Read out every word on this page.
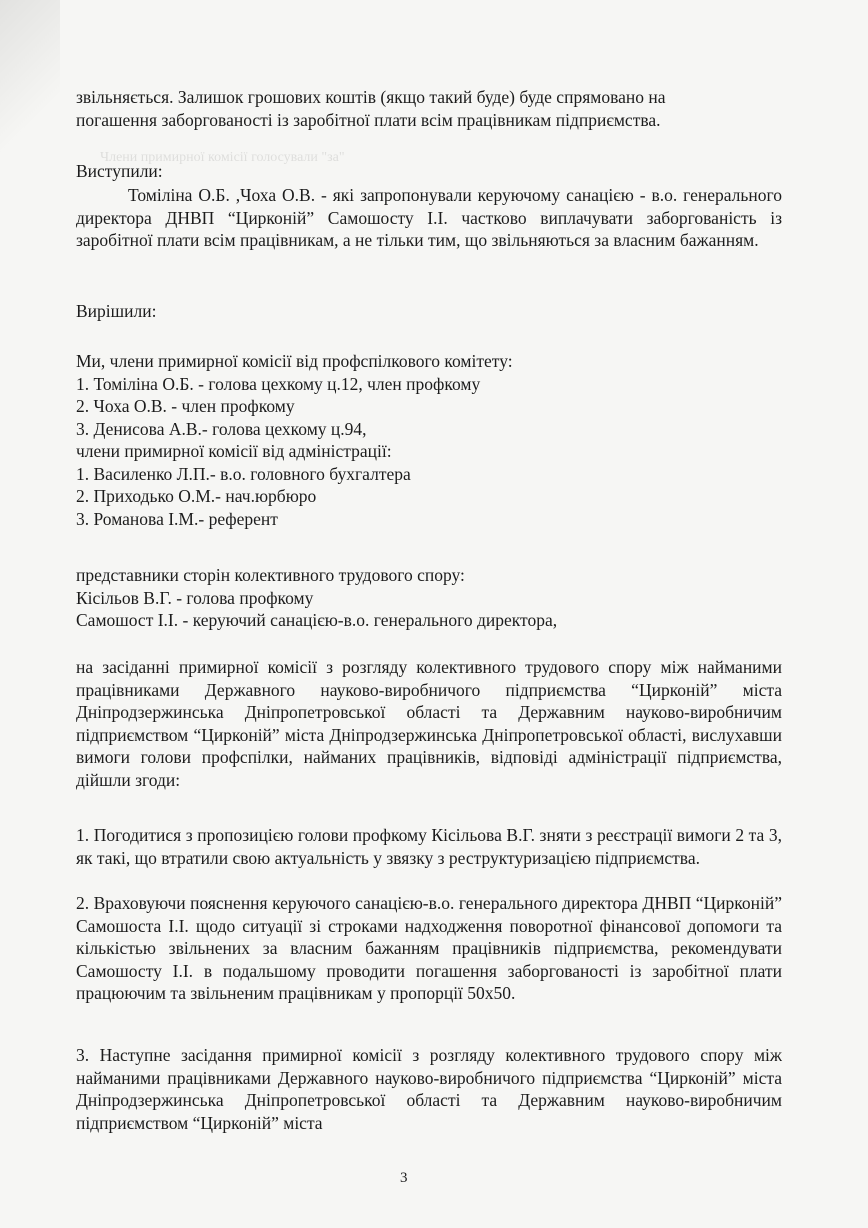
Члени примирної комісії голосували "за"
звільняється. Залишок грошових коштів (якщо такий буде) буде спрямовано на
погашення заборгованості із заробітної плати всім працівникам підприємства.
Виступили:
Томіліна О.Б. ,Чоха О.В. - які запропонували керуючому санацією - в.о. генерального директора ДНВП “Цирконій” Самошосту І.І. частково виплачувати заборгованість із заробітної плати всім працівникам, а не тільки тим, що звільняються за власним бажанням.
Вирішили:
Ми, члени примирної комісії від профспілкового комітету:
1. Томіліна О.Б. - голова цехкому ц.12, член профкому
2. Чоха О.В. - член профкому
3. Денисова А.В.- голова цехкому ц.94,
члени примирної комісії від адміністрації:
1. Василенко Л.П.- в.о. головного бухгалтера
2. Приходько О.М.- нач.юрбюро
3. Романова І.М.- референт
представники сторін колективного трудового спору:
Кісільов В.Г. - голова профкому
Самошост І.І. - керуючий санацією-в.о. генерального директора,
на засіданні примирної комісії з розгляду колективного трудового спору між найманими працівниками Державного науково-виробничого підприємства “Цирконій” міста Дніпродзержинська Дніпропетровської області та Державним науково-виробничим підприємством “Цирконій” міста Дніпродзержинська Дніпропетровської області, вислухавши вимоги голови профспілки, найманих працівників, відповіді адміністрації підприємства, дійшли згоди:
1. Погодитися з пропозицією голови профкому Кісільова В.Г. зняти з реєстрації вимоги 2 та 3, як такі, що втратили свою актуальність у звязку з реструктуризацією підприємства.
2. Враховуючи пояснення керуючого санацією-в.о. генерального директора ДНВП “Цирконій” Самошоста І.І. щодо ситуації зі строками надходження поворотної фінансової допомоги та кількістью звільнених за власним бажанням працівників підприємства, рекомендувати Самошосту І.І. в подальшому проводити погашення заборгованості із заробітної плати працюючим та звільненим працівникам у пропорції 50х50.
3. Наступне засідання примирної комісії з розгляду колективного трудового спору між найманими працівниками Державного науково-виробничого підприємства “Цирконій” міста Дніпродзержинська Дніпропетровської області та Державним науково-виробничим підприємством “Цирконій” міста
3
